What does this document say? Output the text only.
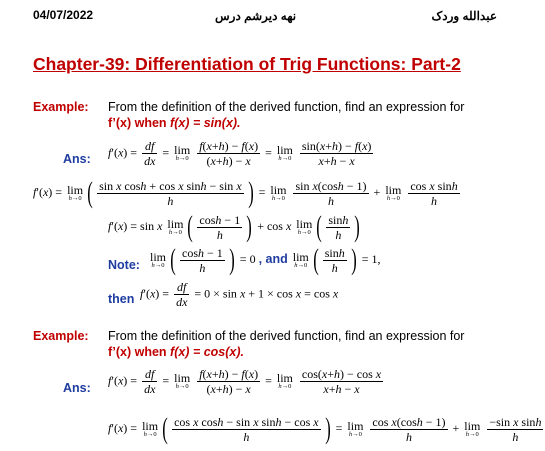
04/07/2022	نهه دیرشم درس	عبدالله وردک
Chapter-39: Differentiation of Trig Functions: Part-2
Example: From the definition of the derived function, find an expression for
f’(x) when f(x) = sin(x).
Ans: $f'(x) = \frac{df}{dx} = \lim$
h→0
$\frac{f(x+h) - f(x)}{(x+h) - x} = \lim$
h→0
$\frac{\sin(x+h) - f(x)}{x+h - x}$
f′(x) = lim
h→0 ( $\frac{\text{sin x cosh + cos x sinh − sin x}}{h}$ ) = lim
h→0
$\frac{\text{sin x(cosh − 1)}}{h} + \lim$
h→0
$\frac{\text{cos x sinh}}{h}$
f′(x) = sin x lim
h→0 ( $\frac{\cosh - 1}{h}$ ) + cos x lim
h→0 ( $\frac{\sinh}{h}$ )
Note:
lim
h→0 ( $\frac{\cosh - 1}{h}$ ) = 0 , and lim
h→0 ( $\frac{\sinh}{h}$ ) = 1,
then $f'(x) = \frac{df}{dx} = 0 \times \sin x + 1 \times \cos x = \cos x$
Example: From the definition of the derived function, find an expression for
f’(x) when f(x) = cos(x).
Ans:
$f'(x) = \frac{df}{dx} = \lim$
h→0
$\frac{f(x+h) - f(x)}{(x+h) - x} = \lim$
h→0
$\frac{\text{cos(x+h) − cos x}}{x+h - x}$
f′(x) = lim
h→0 ( $\frac{\text{cos x cosh − sin x sinh − cos x}}{h}$ ) = lim
h→0
$\frac{\text{cos x(cosh − 1)}}{h} + \lim$
h→0
$\frac{\text{−sin x sinh}}{h}$
